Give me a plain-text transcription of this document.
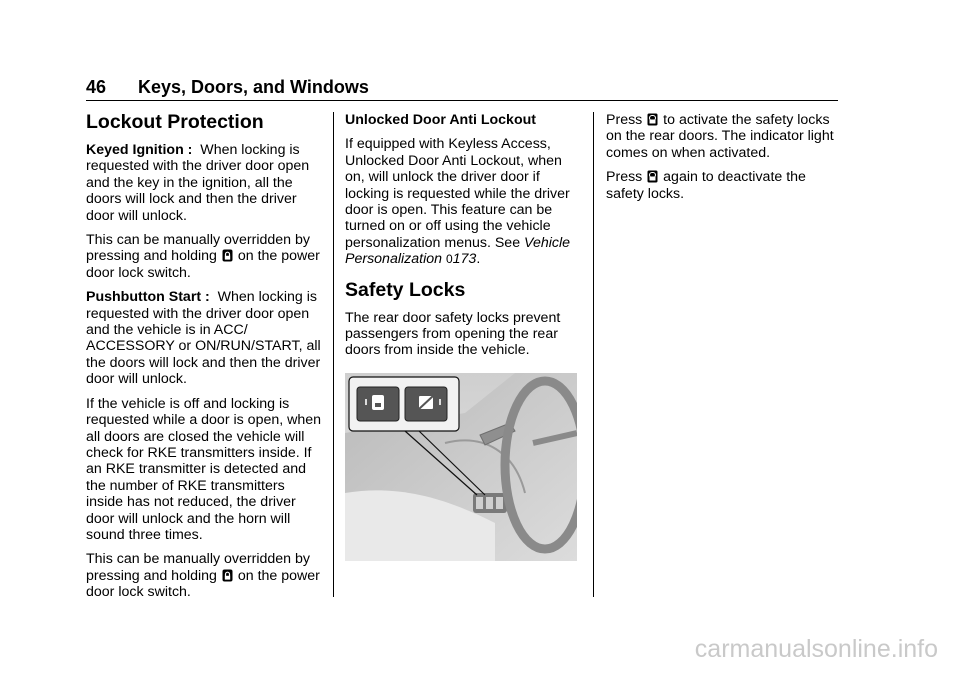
46	Keys, Doors, and Windows
Lockout Protection

Keyed Ignition : When locking is requested with the driver door open and the key in the ignition, all the doors will lock and then the driver door will unlock.

This can be manually overridden by pressing and holding on the power door lock switch.

Pushbutton Start : When locking is requested with the driver door open and the vehicle is in ACC/ ACCESSORY or ON/RUN/START, all the doors will lock and then the driver door will unlock.

If the vehicle is off and locking is requested while a door is open, when all doors are closed the vehicle will check for RKE transmitters inside. If an RKE transmitter is detected and the number of RKE transmitters inside has not reduced, the driver door will unlock and the horn will sound three times.

This can be manually overridden by pressing and holding on the power door lock switch.

Unlocked Door Anti Lockout

If equipped with Keyless Access, Unlocked Door Anti Lockout, when on, will unlock the driver door if locking is requested while the driver door is open. This feature can be turned on or off using the vehicle personalization menus. See Vehicle Personalization 0173.

Safety Locks

The rear door safety locks prevent passengers from opening the rear doors from inside the vehicle.

Press to activate the safety locks on the rear doors. The indicator light comes on when activated.

Press again to deactivate the safety locks.

carmanualsonline.info
